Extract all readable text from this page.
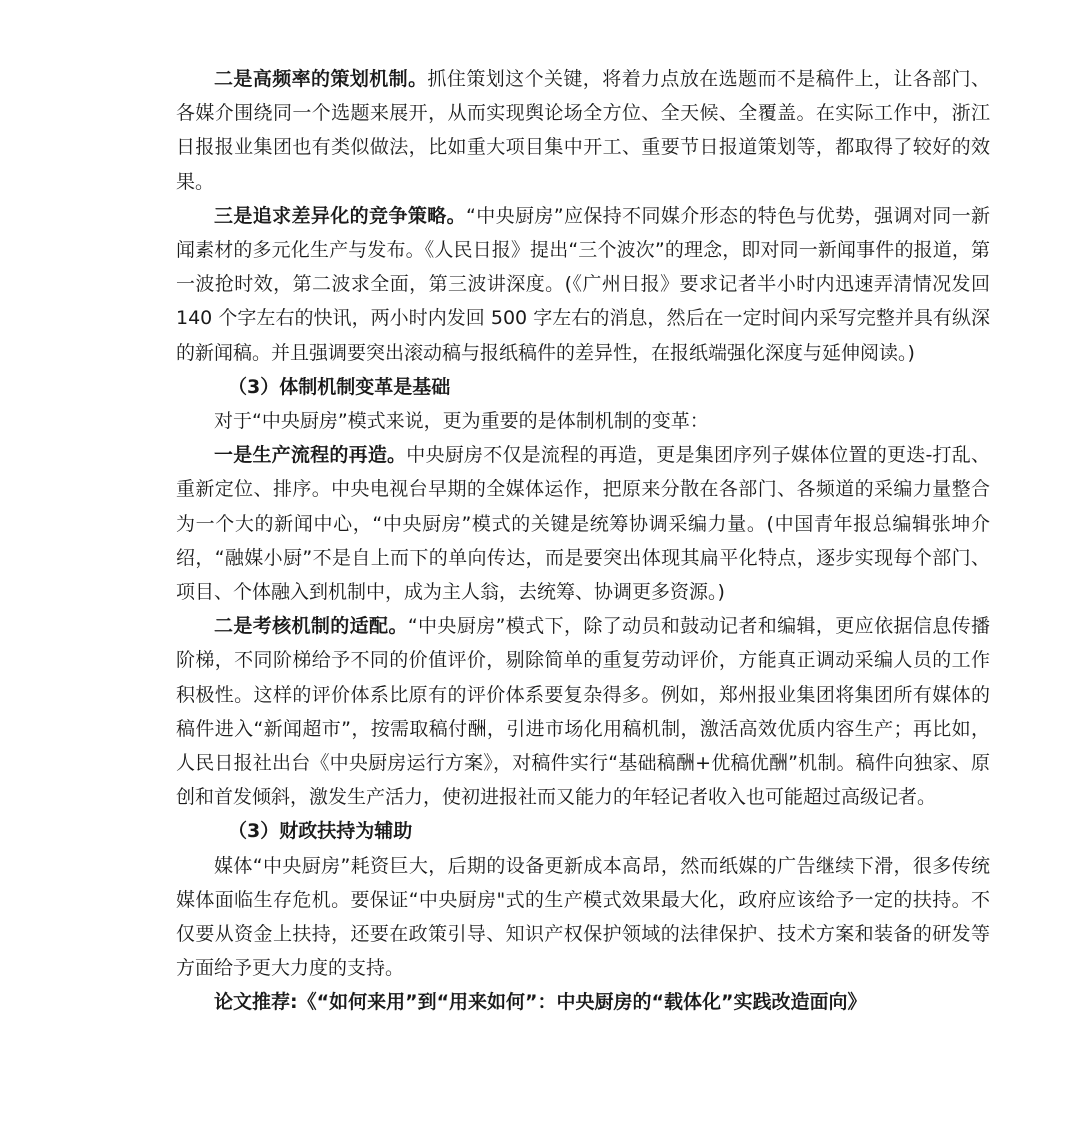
二是高频率的策划机制。抓住策划这个关键，将着力点放在选题而不是稿件上，让各部门、各媒介围绕同一个选题来展开，从而实现舆论场全方位、全天候、全覆盖。在实际工作中，浙江日报报业集团也有类似做法，比如重大项目集中开工、重要节日报道策划等，都取得了较好的效果。

三是追求差异化的竞争策略。“中央厨房”应保持不同媒介形态的特色与优势，强调对同一新闻素材的多元化生产与发布。《人民日报》提出“三个波次”的理念，即对同一新闻事件的报道，第一波抢时效，第二波求全面，第三波讲深度。(《广州日报》要求记者半小时内迅速弄清情况发回 140 个字左右的快讯，两小时内发回 500 字左右的消息，然后在一定时间内采写完整并具有纵深的新闻稿。并且强调要突出滚动稿与报纸稿件的差异性，在报纸端强化深度与延伸阅读。)

（3）体制机制变革是基础

对于“中央厨房”模式来说，更为重要的是体制机制的变革：

一是生产流程的再造。中央厨房不仅是流程的再造，更是集团序列子媒体位置的更迭-打乱、重新定位、排序。中央电视台早期的全媒体运作，把原来分散在各部门、各频道的采编力量整合为一个大的新闻中心，“中央厨房”模式的关键是统筹协调采编力量。(中国青年报总编辑张坤介绍，“融媒小厨”不是自上而下的单向传达，而是要突出体现其扁平化特点，逐步实现每个部门、项目、个体融入到机制中，成为主人翁，去统筹、协调更多资源。)

二是考核机制的适配。“中央厨房”模式下，除了动员和鼓动记者和编辑，更应依据信息传播阶梯，不同阶梯给予不同的价值评价，剔除简单的重复劳动评价，方能真正调动采编人员的工作积极性。这样的评价体系比原有的评价体系要复杂得多。例如，郑州报业集团将集团所有媒体的稿件进入“新闻超市”，按需取稿付酬，引进市场化用稿机制，激活高效优质内容生产；再比如，人民日报社出台《中央厨房运行方案》，对稿件实行“基础稿酬+优稿优酬”机制。稿件向独家、原创和首发倾斜，激发生产活力，使初进报社而又能力的年轻记者收入也可能超过高级记者。

（3）财政扶持为辅助

媒体“中央厨房”耗资巨大，后期的设备更新成本高昂，然而纸媒的广告继续下滑，很多传统媒体面临生存危机。要保证“中央厨房"式的生产模式效果最大化，政府应该给予一定的扶持。不仅要从资金上扶持，还要在政策引导、知识产权保护领域的法律保护、技术方案和装备的研发等方面给予更大力度的支持。

论文推荐:《“如何来用”到“用来如何”：中央厨房的“载体化”实践改造面向》
